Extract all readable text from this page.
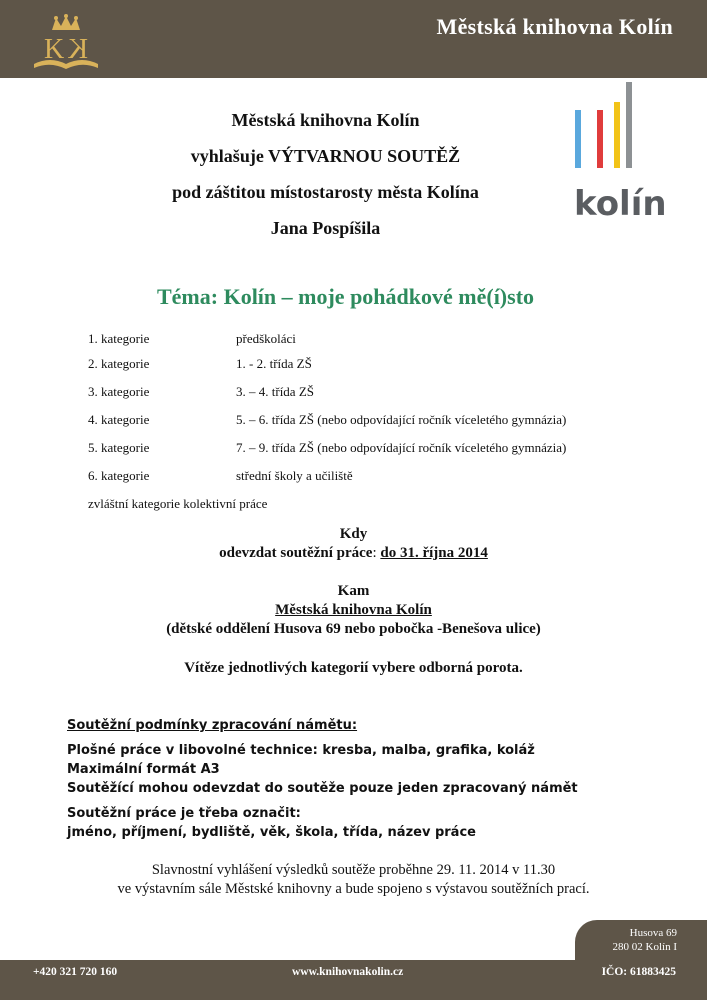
K K
Městská knihovna Kolín
kolín
Městská knihovna Kolín
vyhlašuje VÝTVARNOU SOUTĚŽ
pod záštitou místostarosty města Kolína
Jana Pospíšila
Téma: Kolín – moje pohádkové mě(í)sto
1. kategorie	předškoláci
2. kategorie	1. - 2. třída ZŠ
3. kategorie	3. – 4. třída ZŠ
4. kategorie	5. – 6. třída ZŠ (nebo odpovídající ročník víceletého gymnázia)
5. kategorie	7. – 9. třída ZŠ (nebo odpovídající ročník víceletého gymnázia)
6. kategorie	střední školy a učiliště
zvláštní kategorie kolektivní práce
Kdy
odevzdat soutěžní práce: do 31. října 2014
Kam
Městská knihovna Kolín
(dětské oddělení Husova 69 nebo pobočka -Benešova ulice)
Vítěze jednotlivých kategorií vybere odborná porota.
Soutěžní podmínky zpracování námětu:
Plošné práce v libovolné technice: kresba, malba, grafika, koláž
Maximální formát A3
Soutěžící mohou odevzdat do soutěže pouze jeden zpracovaný námět
Soutěžní práce je třeba označit:
jméno, příjmení, bydliště, věk, škola, třída, název práce
Slavnostní vyhlášení výsledků soutěže proběhne 29. 11. 2014 v 11.30
ve výstavním sále Městské knihovny a bude spojeno s výstavou soutěžních prací.
Husova 69
280 02 Kolín I
+420 321 720 160	www.knihovnakolin.cz	IČO: 61883425
